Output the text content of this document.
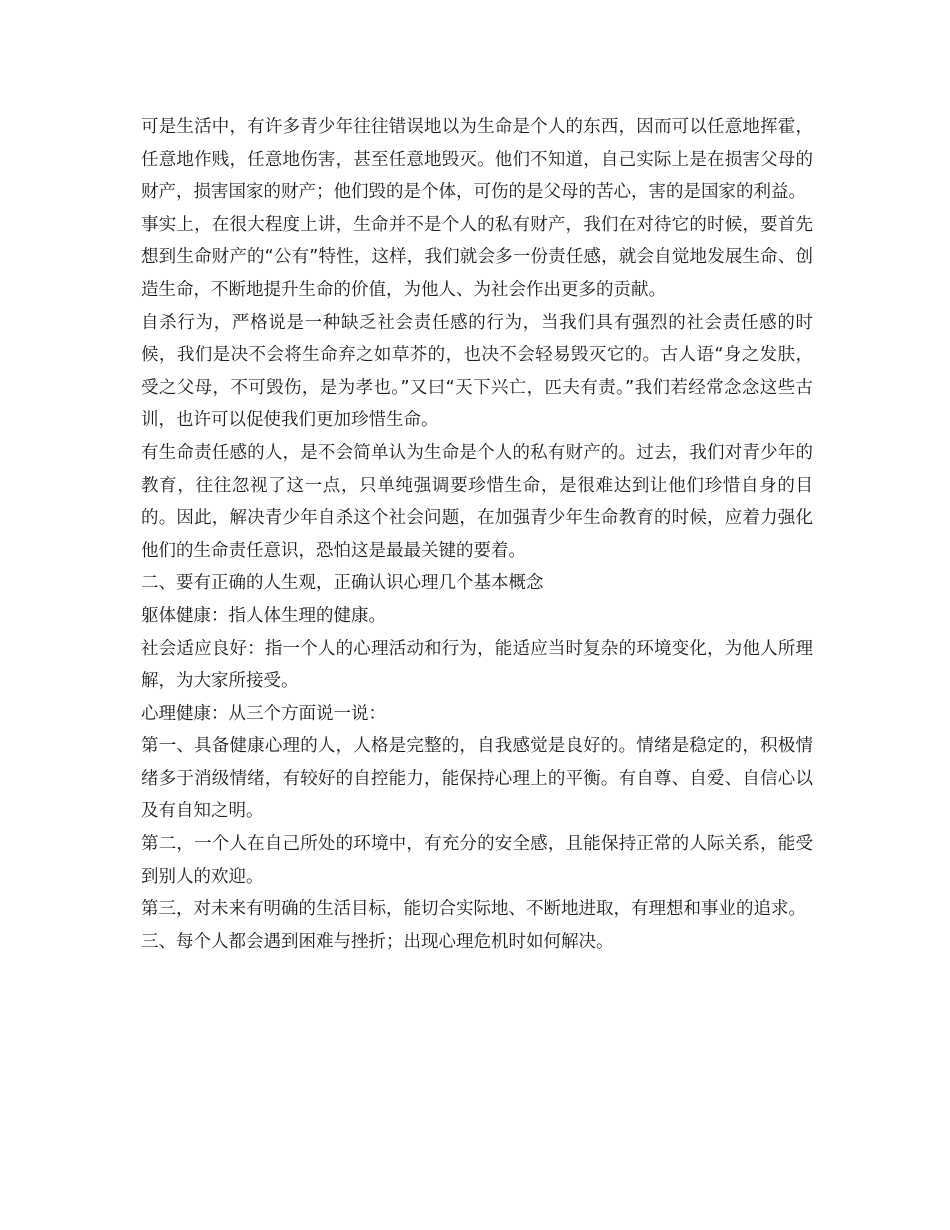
可是生活中，有许多青少年往往错误地以为生命是个人的东西，因而可以任意地挥霍，任意地作贱，任意地伤害，甚至任意地毁灭。他们不知道，自己实际上是在损害父母的财产，损害国家的财产；他们毁的是个体，可伤的是父母的苦心，害的是国家的利益。

事实上，在很大程度上讲，生命并不是个人的私有财产，我们在对待它的时候，要首先想到生命财产的“公有”特性，这样，我们就会多一份责任感，就会自觉地发展生命、创造生命，不断地提升生命的价值，为他人、为社会作出更多的贡献。

自杀行为，严格说是一种缺乏社会责任感的行为，当我们具有强烈的社会责任感的时候，我们是决不会将生命弃之如草芥的，也决不会轻易毁灭它的。古人语“身之发肤，受之父母，不可毁伤，是为孝也。”又曰“天下兴亡，匹夫有责。”我们若经常念念这些古训，也许可以促使我们更加珍惜生命。

有生命责任感的人，是不会简单认为生命是个人的私有财产的。过去，我们对青少年的教育，往往忽视了这一点，只单纯强调要珍惜生命，是很难达到让他们珍惜自身的目的。因此，解决青少年自杀这个社会问题，在加强青少年生命教育的时候，应着力强化他们的生命责任意识，恐怕这是最最关键的要着。

二、要有正确的人生观，正确认识心理几个基本概念

躯体健康：指人体生理的健康。

社会适应良好：指一个人的心理活动和行为，能适应当时复杂的环境变化，为他人所理解，为大家所接受。

心理健康：从三个方面说一说：

第一、具备健康心理的人，人格是完整的，自我感觉是良好的。情绪是稳定的，积极情绪多于消级情绪，有较好的自控能力，能保持心理上的平衡。有自尊、自爱、自信心以及有自知之明。

第二，一个人在自己所处的环境中，有充分的安全感，且能保持正常的人际关系，能受到别人的欢迎。

第三，对未来有明确的生活目标，能切合实际地、不断地进取，有理想和事业的追求。

三、每个人都会遇到困难与挫折；出现心理危机时如何解决。
